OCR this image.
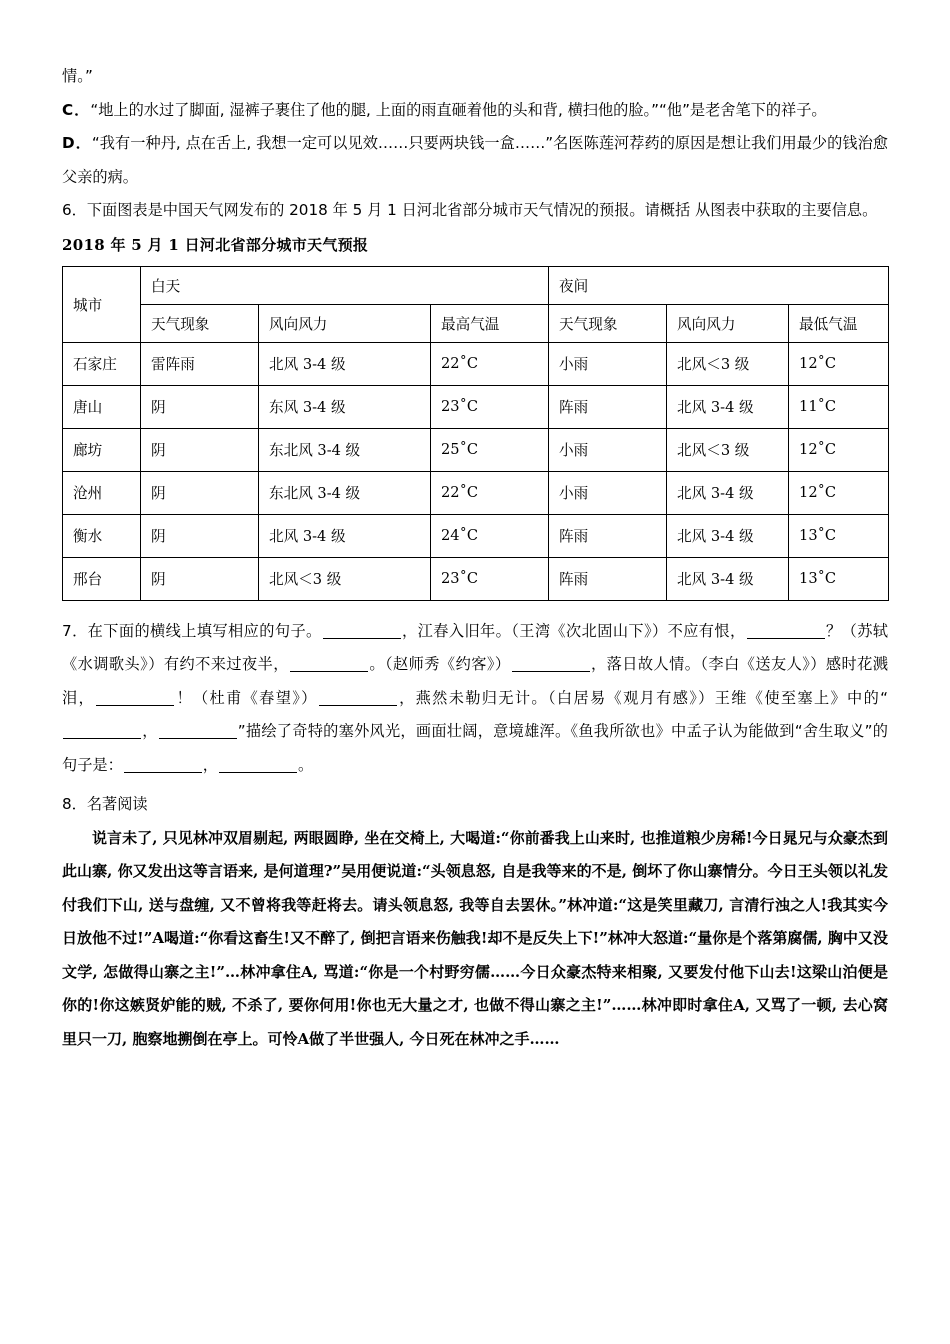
情。”

C．“地上的水过了脚面, 湿裤子裹住了他的腿, 上面的雨直砸着他的头和背, 横扫他的脸。”“他”是老舍笔下的祥子。

D．“我有一种丹, 点在舌上, 我想一定可以见效……只要两块钱一盒……”名医陈莲河荐药的原因是想让我们用最少的钱治愈父亲的病。

6．下面图表是中国天气网发布的 2018 年 5 月 1 日河北省部分城市天气情况的预报。请概括 从图表中获取的主要信息。

2018 年 5 月 1 日河北省部分城市天气预报
城市	白天			夜间		
	天气现象	风向风力	最高气温	天气现象	风向风力	最低气温
石家庄	雷阵雨	北风 3-4 级	22˚C	小雨	北风＜3 级	12˚C
唐山	阴	东风 3-4 级	23˚C	阵雨	北风 3-4 级	11˚C
廊坊	阴	东北风 3-4 级	25˚C	小雨	北风＜3 级	12˚C
沧州	阴	东北风 3-4 级	22˚C	小雨	北风 3-4 级	12˚C
衡水	阴	北风 3-4 级	24˚C	阵雨	北风 3-4 级	13˚C
邢台	阴	北风＜3 级	23˚C	阵雨	北风 3-4 级	13˚C

7．在下面的横线上填写相应的句子。	，江春入旧年。（王湾《次北固山下》）不应有恨，	？（苏轼《水调歌头》）有约不来过夜半，	。（赵师秀《约客》）	，落日故人情。（李白《送友人》）感时花溅泪，	！（杜甫《春望》）	，燕然未勒归无计。（白居易《观月有感》）王维《使至塞上》中的“，	”描绘了奇特的塞外风光，画面壮阔，意境雄浑。《鱼我所欲也》中孟子认为能做到“舍生取义”的句子是：	，	。

8．名著阅读

说言未了, 只见林冲双眉剔起, 两眼圆睁, 坐在交椅上, 大喝道:“你前番我上山来时, 也推道粮少房稀!今日晁兄与众豪杰到此山寨, 你又发出这等言语来, 是何道理?”吴用便说道:“头领息怒, 自是我等来的不是, 倒坏了你山寨情分。今日王头领以礼发付我们下山, 送与盘缠, 又不曾将我等赶将去。请头领息怒, 我等自去罢休。”林冲道:“这是笑里藏刀, 言清行浊之人!我其实今日放他不过!”A喝道:“你看这畜生!又不醉了, 倒把言语来伤触我!却不是反失上下!”林冲大怒道:“量你是个落第腐儒, 胸中又没文学, 怎做得山寨之主!”…林冲拿住A, 骂道:“你是一个村野穷儒……今日众豪杰特来相聚, 又要发付他下山去!这梁山泊便是你的!你这嫉贤妒能的贼, 不杀了, 要你何用!你也无大量之才, 也做不得山寨之主!”……林冲即时拿住A, 又骂了一顿, 去心窝里只一刀, 胞察地搠倒在亭上。可怜A做了半世强人, 今日死在林冲之手……
